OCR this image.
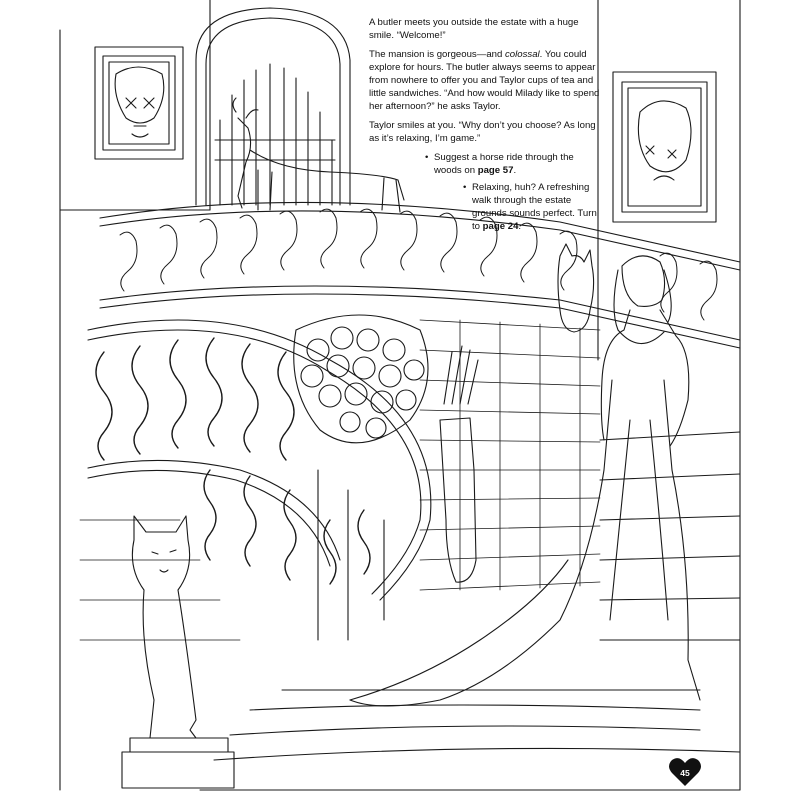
A butler meets you outside the estate with a huge smile. “Welcome!”

The mansion is gorgeous—and colossal. You could explore for hours. The butler always seems to appear from nowhere to offer you and Taylor cups of tea and little sandwiches. “And how would Milady like to spend her afternoon?” he asks Taylor.

Taylor smiles at you. “Why don’t you choose? As long as it’s relaxing, I’m game.”

• Suggest a horse ride through the woods on page 57.
• Relaxing, huh? A refreshing walk through the estate grounds sounds perfect. Turn to page 24.
45
